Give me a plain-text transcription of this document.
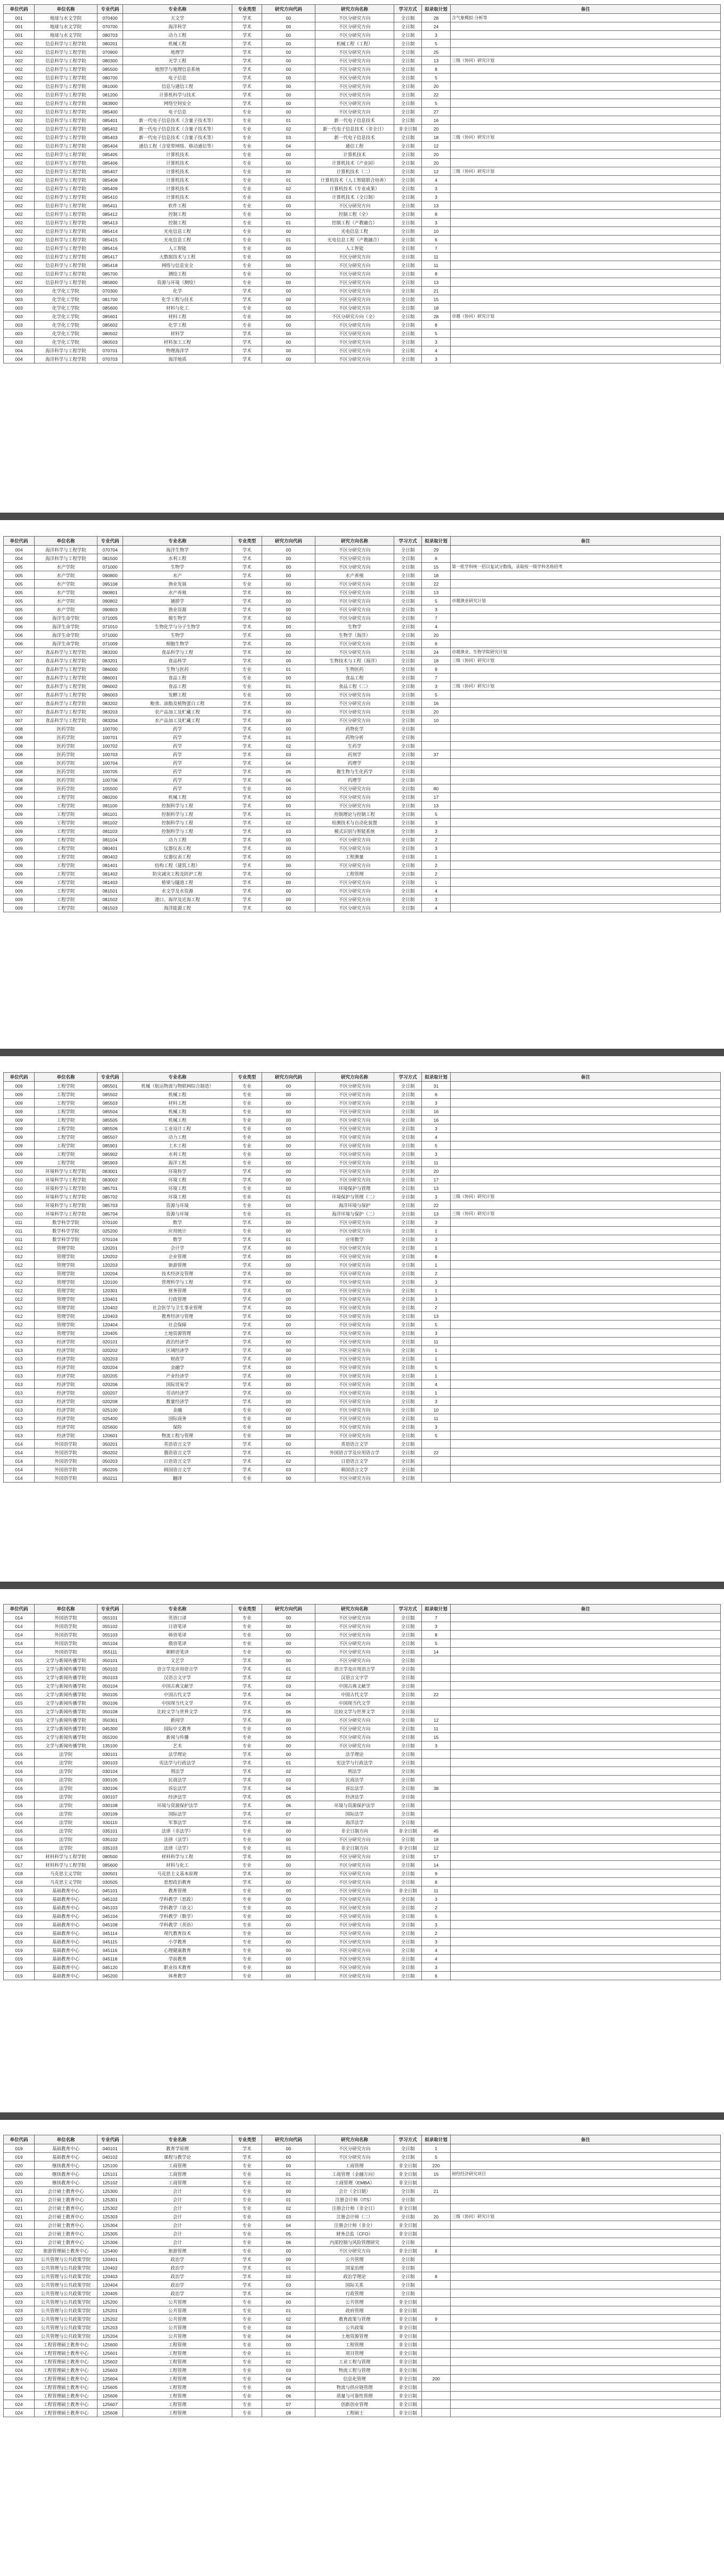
单位代码	单位名称	专业代码	专业名称	专业类型	研究方向代码	研究方向名称	学习方式	拟录取计划	备注
001	地球与水文学院	070400	天文学	学术	00	不区分研究方向	全日制	28	含气象模拟·分析等
001	地球与水文学院	070700	海洋科学	学术	00	不区分研究方向	全日制	24	
001	地球与水文学院	080703	动力工程	学术	00	不区分研究方向	全日制	3	
002	信息科学与工程学院	080201	机械工程	学术	00	机械工程（工程）	全日制	5	
002	信息科学与工程学院	070900	地理学	学术	00	不区分研究方向	全日制	25	
002	信息科学与工程学院	080300	光学工程	学术	00	不区分研究方向	全日制	13	三级（协同）研究计划
002	信息科学与工程学院	085500	地图学与地理信息系统	学术	00	不区分研究方向	全日制	8	
002	信息科学与工程学院	080700	电子信息	学术	00	不区分研究方向	全日制	5	
002	信息科学与工程学院	081000	信息与通信工程	学术	00	不区分研究方向	全日制	20	
002	信息科学与工程学院	081200	计算机科学与技术	学术	00	不区分研究方向	全日制	22	
002	信息科学与工程学院	083900	网络空间安全	学术	00	不区分研究方向	全日制	5	
002	信息科学与工程学院	085400	电子信息	专业	00	不区分研究方向	全日制	27	
002	信息科学与工程学院	085401	新一代电子信息技术（含量子技术等）	专业	01	新一代电子信息技术	全日制	16	
002	信息科学与工程学院	085402	新一代电子信息技术（含量子技术等）	专业	02	新一代电子信息技术（非全日）	非全日制	20	
002	信息科学与工程学院	085403	新一代电子信息技术（含量子技术等）	专业	03	新一代电子信息技术	全日制	18	三级（协同）研究计划
002	信息科学与工程学院	085404	通信工程（含宽带网络、移动通信等）	专业	04	通信工程	全日制	12	
002	信息科学与工程学院	085405	计算机技术	专业	00	计算机技术	全日制	20	
002	信息科学与工程学院	085406	计算机技术	专业	00	计算机技术（产业园）	全日制	20	
002	信息科学与工程学院	085407	计算机技术	专业	00	计算机技术（二）	全日制	12	三级（协同）研究计划
002	信息科学与工程学院	085408	计算机技术	专业	01	计算机技术（人工智能联合培养）	全日制	4	
002	信息科学与工程学院	085409	计算机技术	专业	02	计算机技术（专业成果）	全日制	3	
002	信息科学与工程学院	085410	计算机技术	专业	03	计算机技术（全日制）	全日制	3	
002	信息科学与工程学院	085411	软件工程	专业	00	不区分研究方向	全日制	13	
002	信息科学与工程学院	085412	控制工程	专业	00	控制工程（全）	全日制	8	
002	信息科学与工程学院	085413	控制工程	专业	01	控制工程（产教融合）	全日制	3	
002	信息科学与工程学院	085414	光电信息工程	专业	00	光电信息工程	全日制	10	
002	信息科学与工程学院	085415	光电信息工程	专业	01	光电信息工程（产教融合）	全日制	6	
002	信息科学与工程学院	085416	人工智能	专业	00	人工智能	全日制	7	
002	信息科学与工程学院	085417	大数据技术与工程	专业	00	不区分研究方向	全日制	11	
002	信息科学与工程学院	085418	网络与信息安全	专业	00	不区分研究方向	全日制	11	
002	信息科学与工程学院	085700	测绘工程	专业	00	不区分研究方向	全日制	8	
002	信息科学与工程学院	085800	资源与环境（测绘）	专业	00	不区分研究方向	全日制	13	
003	化学化工学院	070300	化学	学术	00	不区分研究方向	全日制	21	
003	化学化工学院	081700	化学工程与技术	学术	00	不区分研究方向	全日制	15	
003	化学化工学院	085600	材料与化工	专业	00	不区分研究方向	全日制	18	
003	化学化工学院	085601	材料工程	专业	00	不区分研究方向（全）	全日制	28	卓越（协同）研究计划
003	化学化工学院	085602	化学工程	专业	00	不区分研究方向	全日制	8	
003	化学化工学院	080502	材料学	学术	00	不区分研究方向	全日制	5	
003	化学化工学院	080503	材料加工工程	学术	00	不区分研究方向	全日制	3	
004	海洋科学与工程学院	070701	物理海洋学	学术	00	不区分研究方向	全日制	4	
004	海洋科学与工程学院	070703	海洋地质	学术	00	不区分研究方向	全日制	3	
单位代码	单位名称	专业代码	专业名称	专业类型	研究方向代码	研究方向名称	学习方式	拟录取计划	备注
004	海洋科学与工程学院	070704	海洋生物学	学术	00	不区分研究方向	全日制	29	
004	海洋科学与工程学院	081500	水利工程	学术	00	不区分研究方向	全日制	6	
005	水产学院	071000	生物学	学术	00	不区分研究方向	全日制	15	第一批学科统一招以复试分数线，录取按一级学科名称招考
005	水产学院	090800	水产	学术	00	水产养殖	全日制	18	
005	水产学院	095108	渔业发展	专业	00	不区分研究方向	全日制	22	
005	水产学院	090801	水产养殖	学术	00	不区分研究方向	全日制	13	
005	水产学院	090802	捕捞学	学术	00	不区分研究方向	全日制	5	卓越渔业研究计划
005	水产学院	090803	渔业资源	学术	00	不区分研究方向	全日制	3	
006	海洋生命学院	071005	微生物学	学术	00	不区分研究方向	全日制	7	
006	海洋生命学院	071010	生物化学与分子生物学	学术	00	生物学	全日制	4	
006	海洋生命学院	071000	生物学	学术	00	生物学（海洋）	全日制	20	
006	海洋生命学院	071009	细胞生物学	学术	00	不区分研究方向	全日制	6	
007	食品科学与工程学院	083200	食品科学与工程	学术	00	不区分研究方向	全日制	24	卓越渔业、生物学院研究计划
007	食品科学与工程学院	083201	食品科学	学术	00	生物技术与工程（海洋）	全日制	18	三级（协同）研究计划
007	食品科学与工程学院	086000	生物与医药	专业	01	生物医药	全日制	9	
007	食品科学与工程学院	086001	食品工程	专业	00	食品工程	全日制	7	
007	食品科学与工程学院	086002	食品工程	专业	01	食品工程（二）	全日制	3	三级（协同）研究计划
007	食品科学与工程学院	086003	发酵工程	专业	00	不区分研究方向	全日制	5	
007	食品科学与工程学院	083202	粮食、油脂及植物蛋白工程	学术	00	不区分研究方向	全日制	16	
007	食品科学与工程学院	083203	农产品加工及贮藏工程	学术	00	不区分研究方向	全日制	20	
007	食品科学与工程学院	083204	水产品加工及贮藏工程	学术	00	不区分研究方向	全日制	10	
008	医药学院	100700	药学	学术	00	药物化学	全日制		
008	医药学院	100701	药学	学术	01	药物分析	全日制		
008	医药学院	100702	药学	学术	02	生药学	全日制		
008	医药学院	100703	药学	学术	03	药剂学	全日制	37	
008	医药学院	100704	药学	学术	04	药理学	全日制		
008	医药学院	100705	药学	学术	05	微生物与生化药学	全日制		
008	医药学院	100706	药学	学术	06	药理学	全日制		
008	医药学院	105500	药学	专业	00	不区分研究方向	全日制	80	
009	工程学院	080200	机械工程	学术	00	不区分研究方向	全日制	17	
009	工程学院	081100	控制科学与工程	学术	00	不区分研究方向	全日制	13	
009	工程学院	081101	控制科学与工程	学术	01	控制理论与控制工程	全日制	5	
009	工程学院	081102	控制科学与工程	学术	02	检测技术与自动化装置	全日制	3	
009	工程学院	081103	控制科学与工程	学术	03	模式识别与智能系统	全日制	3	
009	工程学院	081104	动力工程	学术	00	不区分研究方向	全日制	2	
009	工程学院	080401	仪器仪表工程	学术	00	不区分研究方向	全日制	3	
009	工程学院	080402	仪器仪表工程	学术	00	工程测量	全日制	1	
009	工程学院	081401	结构工程（建筑工程）	学术	00	不区分研究方向	全日制	2	
009	工程学院	081402	防灾减灾工程及防护工程	学术	00	工程管理	全日制	2	
009	工程学院	081403	桥梁与隧道工程	学术	00	不区分研究方向	全日制	1	
009	工程学院	081501	水文学及水资源	学术	00	不区分研究方向	全日制	4	
009	工程学院	081502	港口、海岸及近海工程	学术	00	不区分研究方向	全日制	3	
009	工程学院	081503	海洋能源工程	学术	00	不区分研究方向	全日制	4	
单位代码	单位名称	专业代码	专业名称	专业类型	研究方向代码	研究方向名称	学习方式	拟录取计划	备注
009	工程学院	085501	机械（航运物流与物联网综合制造）	专业	00	不区分研究方向	全日制	31	
009	工程学院	085502	机械工程	专业	00	不区分研究方向	全日制	6	
009	工程学院	085503	材料工程	专业	00	不区分研究方向	全日制	3	
009	工程学院	085504	机械工程	专业	00	不区分研究方向	全日制	16	
009	工程学院	085505	机械工程	专业	00	不区分研究方向	全日制	16	
009	工程学院	085506	工业设计工程	专业	00	不区分研究方向	全日制	3	
009	工程学院	085507	动力工程	专业	00	不区分研究方向	全日制	4	
009	工程学院	085901	土木工程	专业	00	不区分研究方向	全日制	5	
009	工程学院	085902	水利工程	专业	00	不区分研究方向	全日制	3	
009	工程学院	085903	海洋工程	专业	00	不区分研究方向	全日制	11	
010	环境科学与工程学院	083001	环境科学	学术	00	不区分研究方向	全日制	20	
010	环境科学与工程学院	083002	环境工程	学术	00	不区分研究方向	全日制	17	
010	环境科学与工程学院	085701	环境工程	专业	00	环境保护与管理	全日制	13	
010	环境科学与工程学院	085702	环境工程	专业	01	环境保护与管理（二）	全日制	3	三级（协同）研究计划
010	环境科学与工程学院	085703	资源与环境	专业	00	海洋环境与保护	全日制	22	
010	环境科学与工程学院	085704	资源与环境	专业	01	海洋环境与保护（二）	全日制	13	三级（协同）研究计划
011	数学科学学院	070100	数学	学术	00	不区分研究方向	全日制	3	
011	数学科学学院	025200	应用统计	专业	00	不区分研究方向	全日制	1	
011	数学科学学院	070104	数学	学术	01	应用数学	全日制	3	
012	管理学院	120201	会计学	学术	00	不区分研究方向	全日制	1	
012	管理学院	120202	企业管理	学术	00	不区分研究方向	全日制	8	
012	管理学院	120203	旅游管理	学术	00	不区分研究方向	全日制	1	
012	管理学院	120204	技术经济及管理	学术	00	不区分研究方向	全日制	2	
012	管理学院	120100	管理科学与工程	学术	00	不区分研究方向	全日制	3	
012	管理学院	120301	财务管理	学术	00	不区分研究方向	全日制	1	
012	管理学院	120401	行政管理	学术	00	不区分研究方向	全日制	3	
012	管理学院	120402	社会医学与卫生事业管理	学术	00	不区分研究方向	全日制	2	
012	管理学院	120403	教育经济与管理	学术	00	不区分研究方向	全日制	13	
012	管理学院	120404	社会保障	学术	00	不区分研究方向	全日制	5	
012	管理学院	120405	土地资源管理	学术	00	不区分研究方向	全日制	3	
013	经济学院	020101	政治经济学	学术	00	不区分研究方向	全日制	11	
013	经济学院	020202	区域经济学	学术	00	不区分研究方向	全日制	1	
013	经济学院	020203	财政学	学术	00	不区分研究方向	全日制	1	
013	经济学院	020204	金融学	学术	00	不区分研究方向	全日制	5	
013	经济学院	020205	产业经济学	学术	00	不区分研究方向	全日制	1	
013	经济学院	020206	国际贸易学	学术	00	不区分研究方向	全日制	4	
013	经济学院	020207	劳动经济学	学术	00	不区分研究方向	全日制	1	
013	经济学院	020208	数量经济学	学术	00	不区分研究方向	全日制	3	
013	经济学院	025100	金融	专业	00	不区分研究方向	全日制	10	
013	经济学院	025400	国际商务	专业	00	不区分研究方向	全日制	11	
013	经济学院	025600	保险	专业	00	不区分研究方向	全日制	3	
013	经济学院	120601	物流工程与管理	专业	00	不区分研究方向	全日制	5	
014	外国语学院	050201	英语语言文学	学术	00	英语语言文学	全日制		
014	外国语学院	050202	俄语语言文学	学术	01	外国语言学及应用语言学	全日制	22	
014	外国语学院	050203	日语语言文学	学术	02	日语语言文学	全日制		
014	外国语学院	050205	韩国语言文学	学术	03	韩国语言文学	全日制		
014	外国语学院	050211	翻译	专业	00	不区分研究方向	全日制		
单位代码	单位名称	专业代码	专业名称	专业类型	研究方向代码	研究方向名称	学习方式	拟录取计划	备注
014	外国语学院	055101	英语口译	专业	00	不区分研究方向	全日制	7	
014	外国语学院	055102	日语笔译	专业	00	不区分研究方向	全日制	3	
014	外国语学院	055103	韩语笔译	专业	00	不区分研究方向	全日制	8	
014	外国语学院	055104	俄语笔译	专业	00	不区分研究方向	全日制	5	
014	外国语学院	055111	朝鲜语笔译	专业	00	不区分研究方向	全日制	14	
015	文学与新闻传播学院	050101	文艺学	学术	00	不区分研究方向	全日制		
015	文学与新闻传播学院	050102	语言学及应用语言学	学术	01	语言学及应用语言学	全日制		
015	文学与新闻传播学院	050103	汉语言文字学	学术	02	汉语言文字学	全日制		
015	文学与新闻传播学院	050104	中国古典文献学	学术	03	中国古典文献学	全日制		
015	文学与新闻传播学院	050105	中国古代文学	学术	04	中国古代文学	全日制	22	
015	文学与新闻传播学院	050106	中国现当代文学	学术	05	中国现当代文学	全日制		
015	文学与新闻传播学院	050108	比较文学与世界文学	学术	06	比较文学与世界文学	全日制		
015	文学与新闻传播学院	050301	新闻学	学术	00	不区分研究方向	全日制	12	
015	文学与新闻传播学院	045300	国际中文教育	专业	00	不区分研究方向	全日制	11	
015	文学与新闻传播学院	055200	新闻与传播	专业	00	不区分研究方向	全日制	15	
015	文学与新闻传播学院	135100	艺术	专业	00	不区分研究方向	全日制	3	
016	法学院	030101	法学理论	学术	00	法学理论	全日制		
016	法学院	030103	宪法学与行政法学	学术	01	宪法学与行政法学	全日制		
016	法学院	030104	刑法学	学术	02	刑法学	全日制		
016	法学院	030105	民商法学	学术	03	民商法学	全日制		
016	法学院	030106	诉讼法学	学术	04	诉讼法学	全日制	38	
016	法学院	030107	经济法学	学术	05	经济法学	全日制		
016	法学院	030108	环境与资源保护法学	学术	06	环境与资源保护法学	全日制		
016	法学院	030109	国际法学	学术	07	国际法学	全日制		
016	法学院	030110	军事法学	学术	08	海洋法学	全日制		
016	法学院	035101	法律（非法学）	专业	00	非全日制方向	非全日制	45	
016	法学院	035102	法律（法学）	专业	00	不区分研究方向	全日制	18	
016	法学院	035103	法律（法学）	专业	01	非全日制方向	非全日制	12	
017	材料科学与工程学院	080500	材料科学与工程	学术	00	不区分研究方向	全日制	17	
017	材料科学与工程学院	085600	材料与化工	专业	00	不区分研究方向	全日制	14	
018	马克思主义学院	030501	马克思主义基本原理	学术	00	不区分研究方向	全日制	9	
018	马克思主义学院	030505	思想政治教育	学术	00	不区分研究方向	全日制	8	
019	基础教育中心	045101	教育管理	专业	00	不区分研究方向	非全日制	11	
019	基础教育中心	045102	学科教学（思政）	专业	00	不区分研究方向	全日制	3	
019	基础教育中心	045103	学科教学（语文）	专业	00	不区分研究方向	全日制	2	
019	基础教育中心	045104	学科教学（数学）	专业	00	不区分研究方向	全日制	5	
019	基础教育中心	045108	学科教学（英语）	专业	00	不区分研究方向	全日制	3	
019	基础教育中心	045114	现代教育技术	专业	00	不区分研究方向	全日制	2	
019	基础教育中心	045115	小学教育	专业	00	不区分研究方向	全日制	3	
019	基础教育中心	045116	心理健康教育	专业	00	不区分研究方向	全日制	4	
019	基础教育中心	045118	学前教育	专业	00	不区分研究方向	全日制	4	
019	基础教育中心	045120	职业技术教育	专业	00	不区分研究方向	全日制	3	
019	基础教育中心	045200	体育教学	专业	00	不区分研究方向	全日制	6	
单位代码	单位名称	专业代码	专业名称	专业类型	研究方向代码	研究方向名称	学习方式	拟录取计划	备注
019	基础教育中心	040101	教育学原理	学术	00	不区分研究方向	全日制	1	
019	基础教育中心	040102	课程与教学论	学术	00	不区分研究方向	全日制	5	
020	继续教育中心	125100	工商管理	专业	00	工商管理	非全日制	220	
020	继续教育中心	125101	工商管理	专业	01	工商管理（金融方向）	非全日制	15	财经经济研究项目
020	继续教育中心	125102	工商管理	专业	02	工商管理（EMBA）	非全日制		
021	会计硕士教育中心	125300	会计	专业	00	会计（全日制）	全日制	21	
021	会计硕士教育中心	125301	会计	专业	01	注册会计师（ITS）	全日制		
021	会计硕士教育中心	125302	会计	专业	02	注册会计师（非全日）	非全日制		
021	会计硕士教育中心	125303	会计	专业	03	注册会计师（二）	全日制	20	三级（协同）研究计划
021	会计硕士教育中心	125304	会计	专业	04	注册会计师（非全）	非全日制		
021	会计硕士教育中心	125305	会计	专业	05	财务总监（CFO）	非全日制		
021	会计硕士教育中心	125306	会计	专业	06	内部控制与风险管理研究	全日制		
022	旅游管理硕士教育中心	125400	旅游管理	专业	00	不区分研究方向	非全日制	8	
023	公共管理与公共政策学院	120401	政治学	学术	00	公共管理	全日制		
023	公共管理与公共政策学院	120402	政治学	学术	01	国家治理	全日制		
023	公共管理与公共政策学院	120403	政治学	学术	02	政治学理论	全日制	8	
023	公共管理与公共政策学院	120404	政治学	学术	03	国际关系	全日制		
023	公共管理与公共政策学院	120405	政治学	学术	04	行政管理	全日制		
023	公共管理与公共政策学院	125200	公共管理	专业	00	公共管理	非全日制		
023	公共管理与公共政策学院	125201	公共管理	专业	01	政府管理	非全日制		
023	公共管理与公共政策学院	125202	公共管理	专业	02	教育政策与管理	非全日制	9	
023	公共管理与公共政策学院	125203	公共管理	专业	03	公共政策	非全日制		
023	公共管理与公共政策学院	125204	公共管理	专业	04	土地资源管理	非全日制		
024	工程管理硕士教育中心	125600	工程管理	专业	00	工程管理	非全日制		
024	工程管理硕士教育中心	125601	工程管理	专业	01	项目管理	非全日制		
024	工程管理硕士教育中心	125602	工程管理	专业	02	工业工程与管理	非全日制		
024	工程管理硕士教育中心	125603	工程管理	专业	03	物流工程与管理	非全日制		
024	工程管理硕士教育中心	125604	工程管理	专业	04	信息化管理	非全日制	200	
024	工程管理硕士教育中心	125605	工程管理	专业	05	物流与供应链管理	非全日制		
024	工程管理硕士教育中心	125606	工程管理	专业	06	质量与可靠性管理	非全日制		
024	工程管理硕士教育中心	125607	工程管理	专业	07	创新创业管理	非全日制		
024	工程管理硕士教育中心	125608	工程管理	专业	08	工程硕士	非全日制		
